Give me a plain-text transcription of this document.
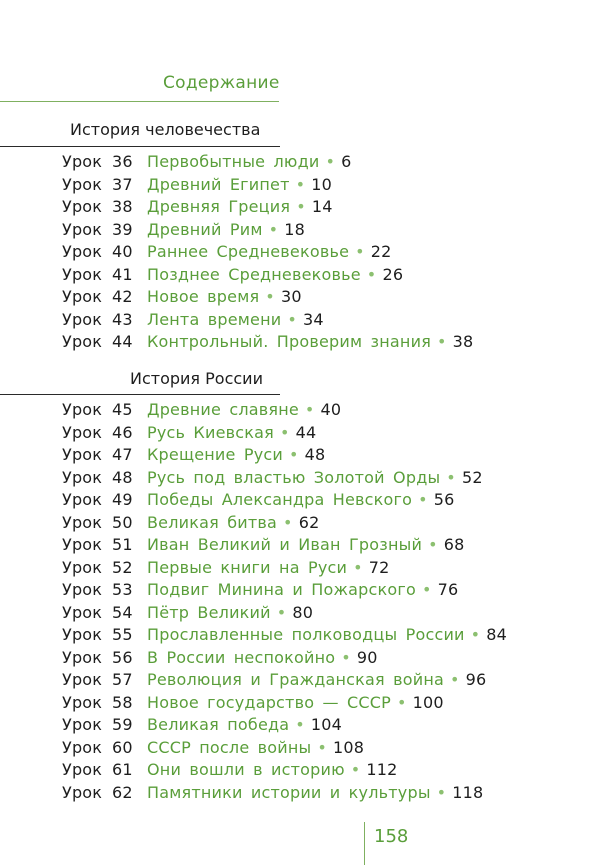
Содержание
История человечества
Урок 36 Первобытные люди • 6
Урок 37 Древний Египет • 10
Урок 38 Древняя Греция • 14
Урок 39 Древний Рим • 18
Урок 40 Раннее Средневековье • 22
Урок 41 Позднее Средневековье • 26
Урок 42 Новое время • 30
Урок 43 Лента времени • 34
Урок 44 Контрольный. Проверим знания • 38
История России
Урок 45 Древние славяне • 40
Урок 46 Русь Киевская • 44
Урок 47 Крещение Руси • 48
Урок 48 Русь под властью Золотой Орды • 52
Урок 49 Победы Александра Невского • 56
Урок 50 Великая битва • 62
Урок 51 Иван Великий и Иван Грозный • 68
Урок 52 Первые книги на Руси • 72
Урок 53 Подвиг Минина и Пожарского • 76
Урок 54 Пётр Великий • 80
Урок 55 Прославленные полководцы России • 84
Урок 56 В России неспокойно • 90
Урок 57 Революция и Гражданская война • 96
Урок 58 Новое государство — СССР • 100
Урок 59 Великая победа • 104
Урок 60 СССР после войны • 108
Урок 61 Они вошли в историю • 112
Урок 62 Памятники истории и культуры • 118
158
